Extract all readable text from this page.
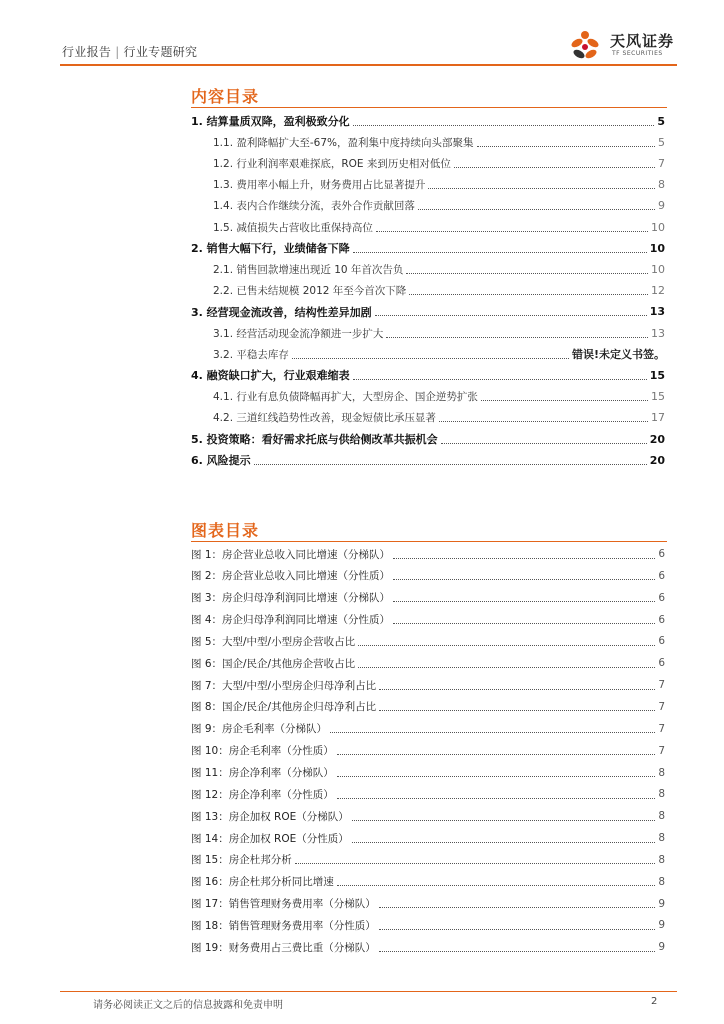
行业报告 | 行业专题研究
天风证券
TF SECURITIES
内容目录
1. 结算量质双降，盈利极致分化	5
1.1. 盈利降幅扩大至-67%，盈利集中度持续向头部聚集	5
1.2. 行业利润率艰难探底，ROE 来到历史相对低位	7
1.3. 费用率小幅上升，财务费用占比显著提升	8
1.4. 表内合作继续分流，表外合作贡献回落	9
1.5. 减值损失占营收比重保持高位	10
2. 销售大幅下行，业绩储备下降	10
2.1. 销售回款增速出现近 10 年首次告负	10
2.2. 已售未结规模 2012 年至今首次下降	12
3. 经营现金流改善，结构性差异加剧	13
3.1. 经营活动现金流净额进一步扩大	13
3.2. 平稳去库存	错误!未定义书签。
4. 融资缺口扩大，行业艰难缩表	15
4.1. 行业有息负债降幅再扩大，大型房企、国企逆势扩张	15
4.2. 三道红线趋势性改善，现金短债比承压显著	17
5. 投资策略：看好需求托底与供给侧改革共振机会	20
6. 风险提示	20
图表目录
图 1：房企营业总收入同比增速（分梯队）	6
图 2：房企营业总收入同比增速（分性质）	6
图 3：房企归母净利润同比增速（分梯队）	6
图 4：房企归母净利润同比增速（分性质）	6
图 5：大型/中型/小型房企营收占比	6
图 6：国企/民企/其他房企营收占比	6
图 7：大型/中型/小型房企归母净利占比	7
图 8：国企/民企/其他房企归母净利占比	7
图 9：房企毛利率（分梯队）	7
图 10：房企毛利率（分性质）	7
图 11：房企净利率（分梯队）	8
图 12：房企净利率（分性质）	8
图 13：房企加权 ROE（分梯队）	8
图 14：房企加权 ROE（分性质）	8
图 15：房企杜邦分析	8
图 16：房企杜邦分析同比增速	8
图 17：销售管理财务费用率（分梯队）	9
图 18：销售管理财务费用率（分性质）	9
图 19：财务费用占三费比重（分梯队）	9
请务必阅读正文之后的信息披露和免责申明	2
